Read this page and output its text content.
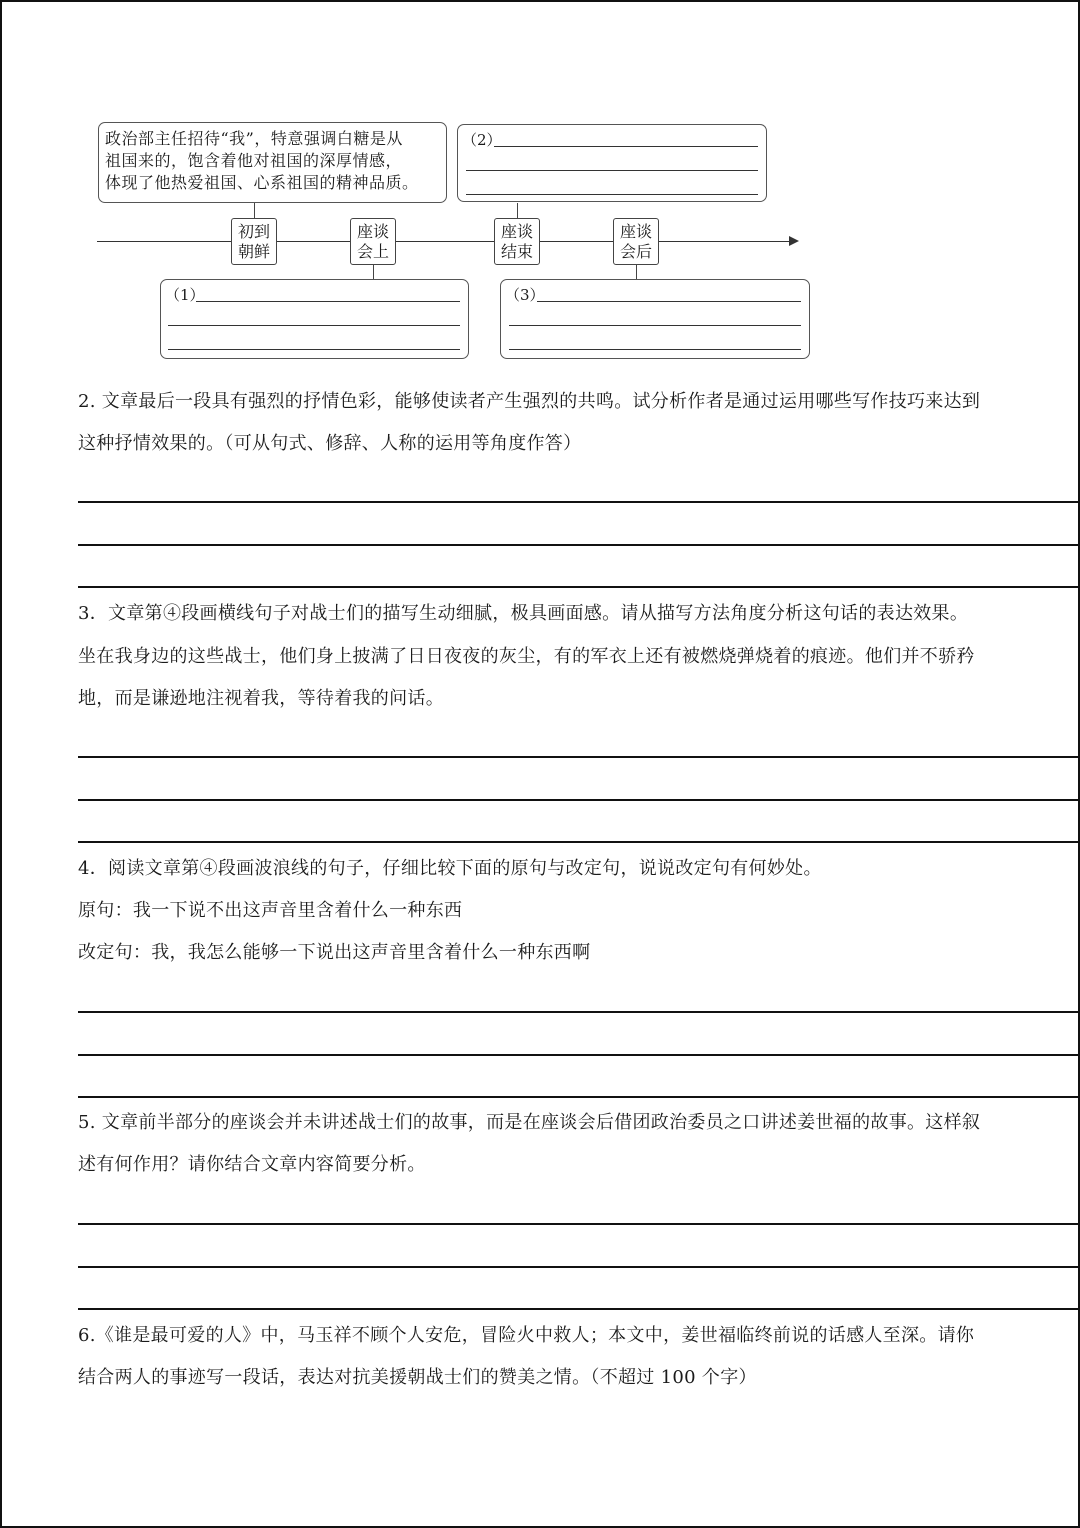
政治部主任招待“我”，特意强调白糖是从
祖国来的，饱含着他对祖国的深厚情感，
体现了他热爱祖国、心系祖国的精神品质。
（2）
初到
朝鲜
座谈
会上
座谈
结束
座谈
会后
（1）	（3）
2. 文章最后一段具有强烈的抒情色彩，能够使读者产生强烈的共鸣。试分析作者是通过运用哪些写作技巧来达到
这种抒情效果的。（可从句式、修辞、人称的运用等角度作答）
3．文章第④段画横线句子对战士们的描写生动细腻，极具画面感。请从描写方法角度分析这句话的表达效果。
坐在我身边的这些战士，他们身上披满了日日夜夜的灰尘，有的军衣上还有被燃烧弹烧着的痕迹。他们并不骄矜
地，而是谦逊地注视着我，等待着我的问话。
4．阅读文章第④段画波浪线的句子，仔细比较下面的原句与改定句，说说改定句有何妙处。
原句：我一下说不出这声音里含着什么一种东西
改定句：我，我怎么能够一下说出这声音里含着什么一种东西啊
5. 文章前半部分的座谈会并未讲述战士们的故事，而是在座谈会后借团政治委员之口讲述姜世福的故事。这样叙
述有何作用？请你结合文章内容简要分析。
6.《谁是最可爱的人》中，马玉祥不顾个人安危，冒险火中救人；本文中，姜世福临终前说的话感人至深。请你
结合两人的事迹写一段话，表达对抗美援朝战士们的赞美之情。（不超过 100 个字）
